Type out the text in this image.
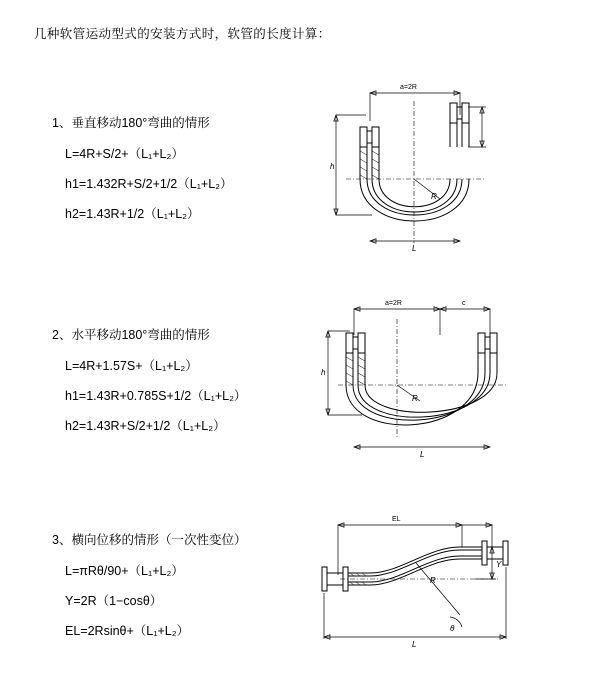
几种软管运动型式的安装方式时，软管的长度计算：
1、垂直移动180°弯曲的情形
L=4R+S/2+（L₁+L₂）
h1=1.432R+S/2+1/2（L₁+L₂）
h2=1.43R+1/2（L₁+L₂）
a=2R
R
h
L
2、水平移动180°弯曲的情形
L=4R+1.57S+（L₁+L₂）
h1=1.43R+0.785S+1/2（L₁+L₂）
h2=1.43R+S/2+1/2（L₁+L₂）
a=2R	c
h
R
L
3、横向位移的情形（一次性变位）
L=πRθ/90+（L₁+L₂）
Y=2R（1−cosθ）
EL=2Rsinθ+（L₁+L₂）
EL
Y
R
θ
L
